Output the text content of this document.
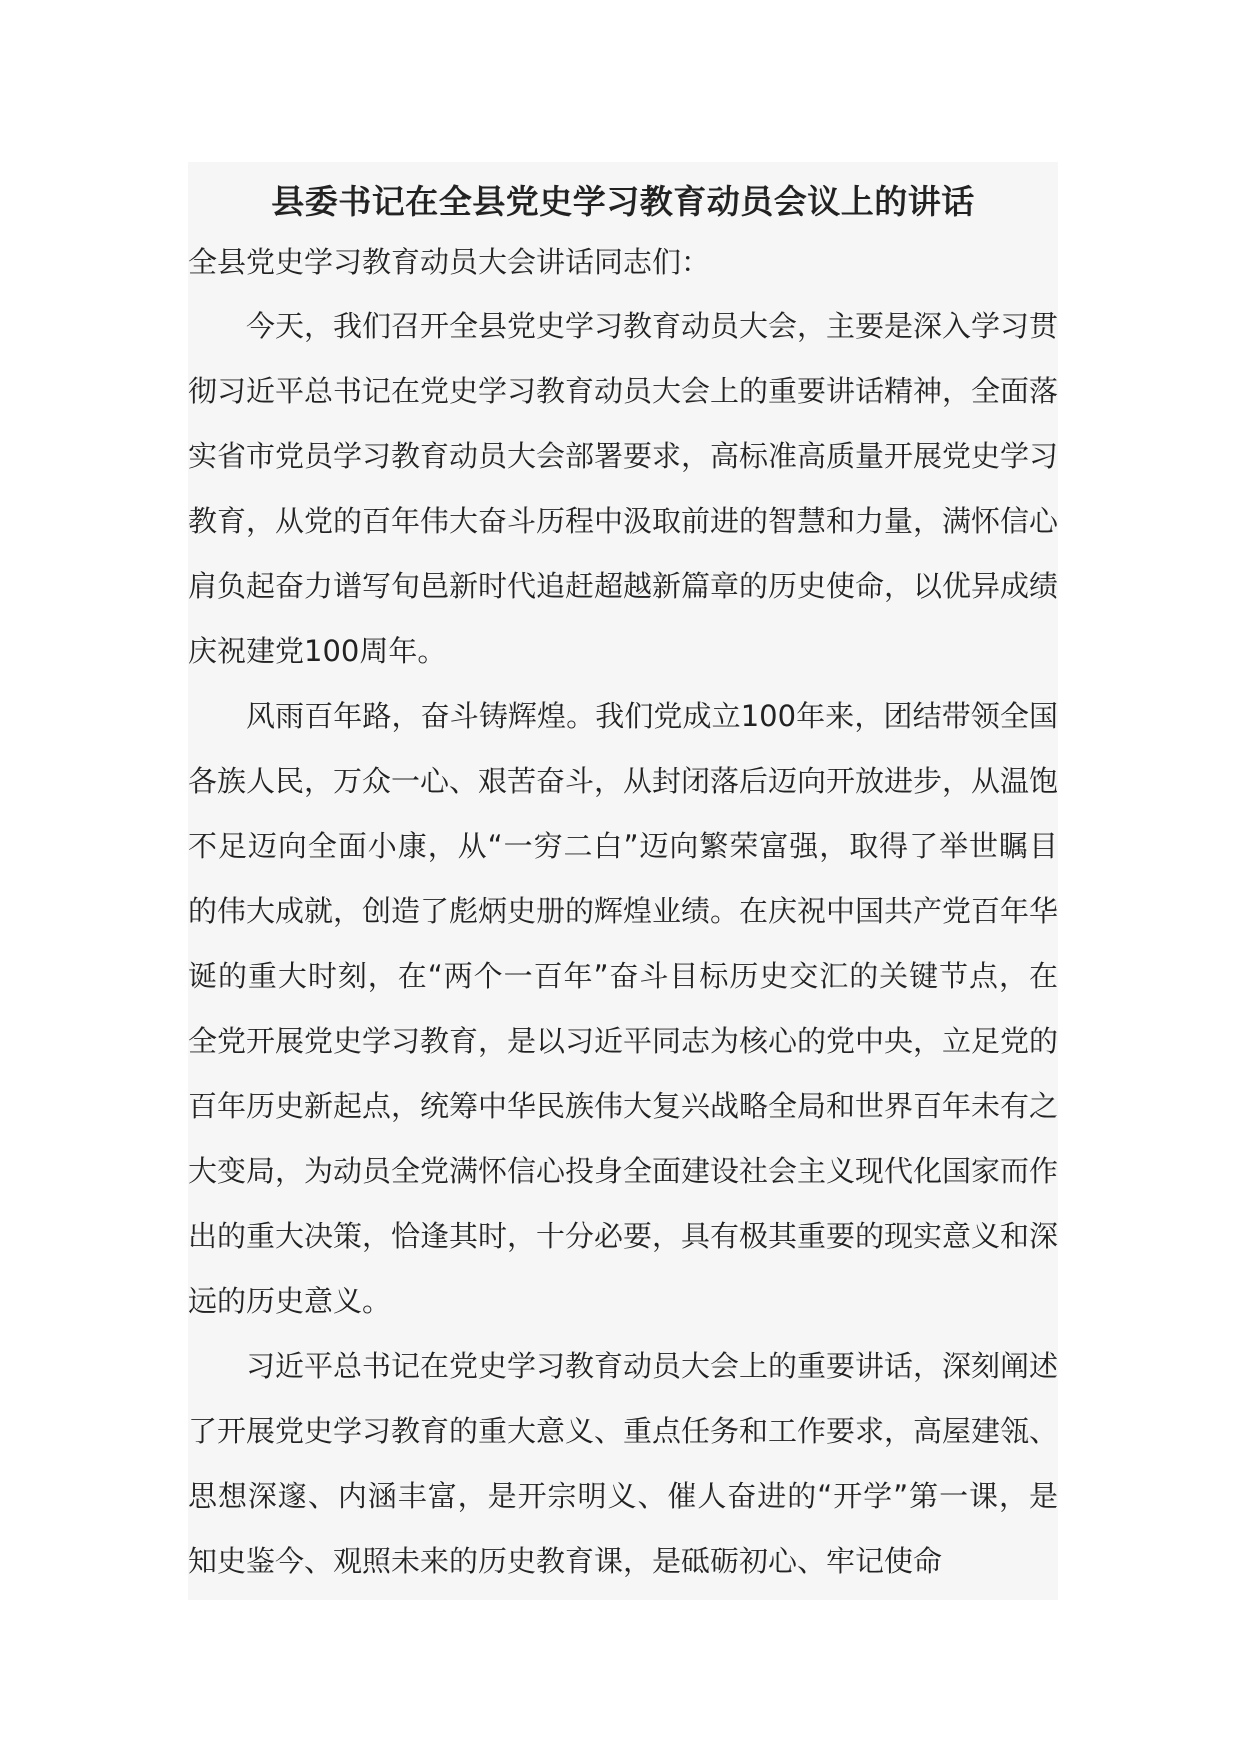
县委书记在全县党史学习教育动员会议上的讲话

全县党史学习教育动员大会讲话同志们：

今天，我们召开全县党史学习教育动员大会，主要是深入学习贯彻习近平总书记在党史学习教育动员大会上的重要讲话精神，全面落实省市党员学习教育动员大会部署要求，高标准高质量开展党史学习教育，从党的百年伟大奋斗历程中汲取前进的智慧和力量，满怀信心肩负起奋力谱写旬邑新时代追赶超越新篇章的历史使命，以优异成绩庆祝建党100周年。

风雨百年路，奋斗铸辉煌。我们党成立100年来，团结带领全国各族人民，万众一心、艰苦奋斗，从封闭落后迈向开放进步，从温饱不足迈向全面小康，从“一穷二白”迈向繁荣富强，取得了举世瞩目的伟大成就，创造了彪炳史册的辉煌业绩。在庆祝中国共产党百年华诞的重大时刻，在“两个一百年”奋斗目标历史交汇的关键节点，在全党开展党史学习教育，是以习近平同志为核心的党中央，立足党的百年历史新起点，统筹中华民族伟大复兴战略全局和世界百年未有之大变局，为动员全党满怀信心投身全面建设社会主义现代化国家而作出的重大决策，恰逢其时，十分必要，具有极其重要的现实意义和深远的历史意义。

习近平总书记在党史学习教育动员大会上的重要讲话，深刻阐述了开展党史学习教育的重大意义、重点任务和工作要求，高屋建瓴、思想深邃、内涵丰富，是开宗明义、催人奋进的“开学”第一课，是知史鉴今、观照未来的历史教育课，是砥砺初心、牢记使命
